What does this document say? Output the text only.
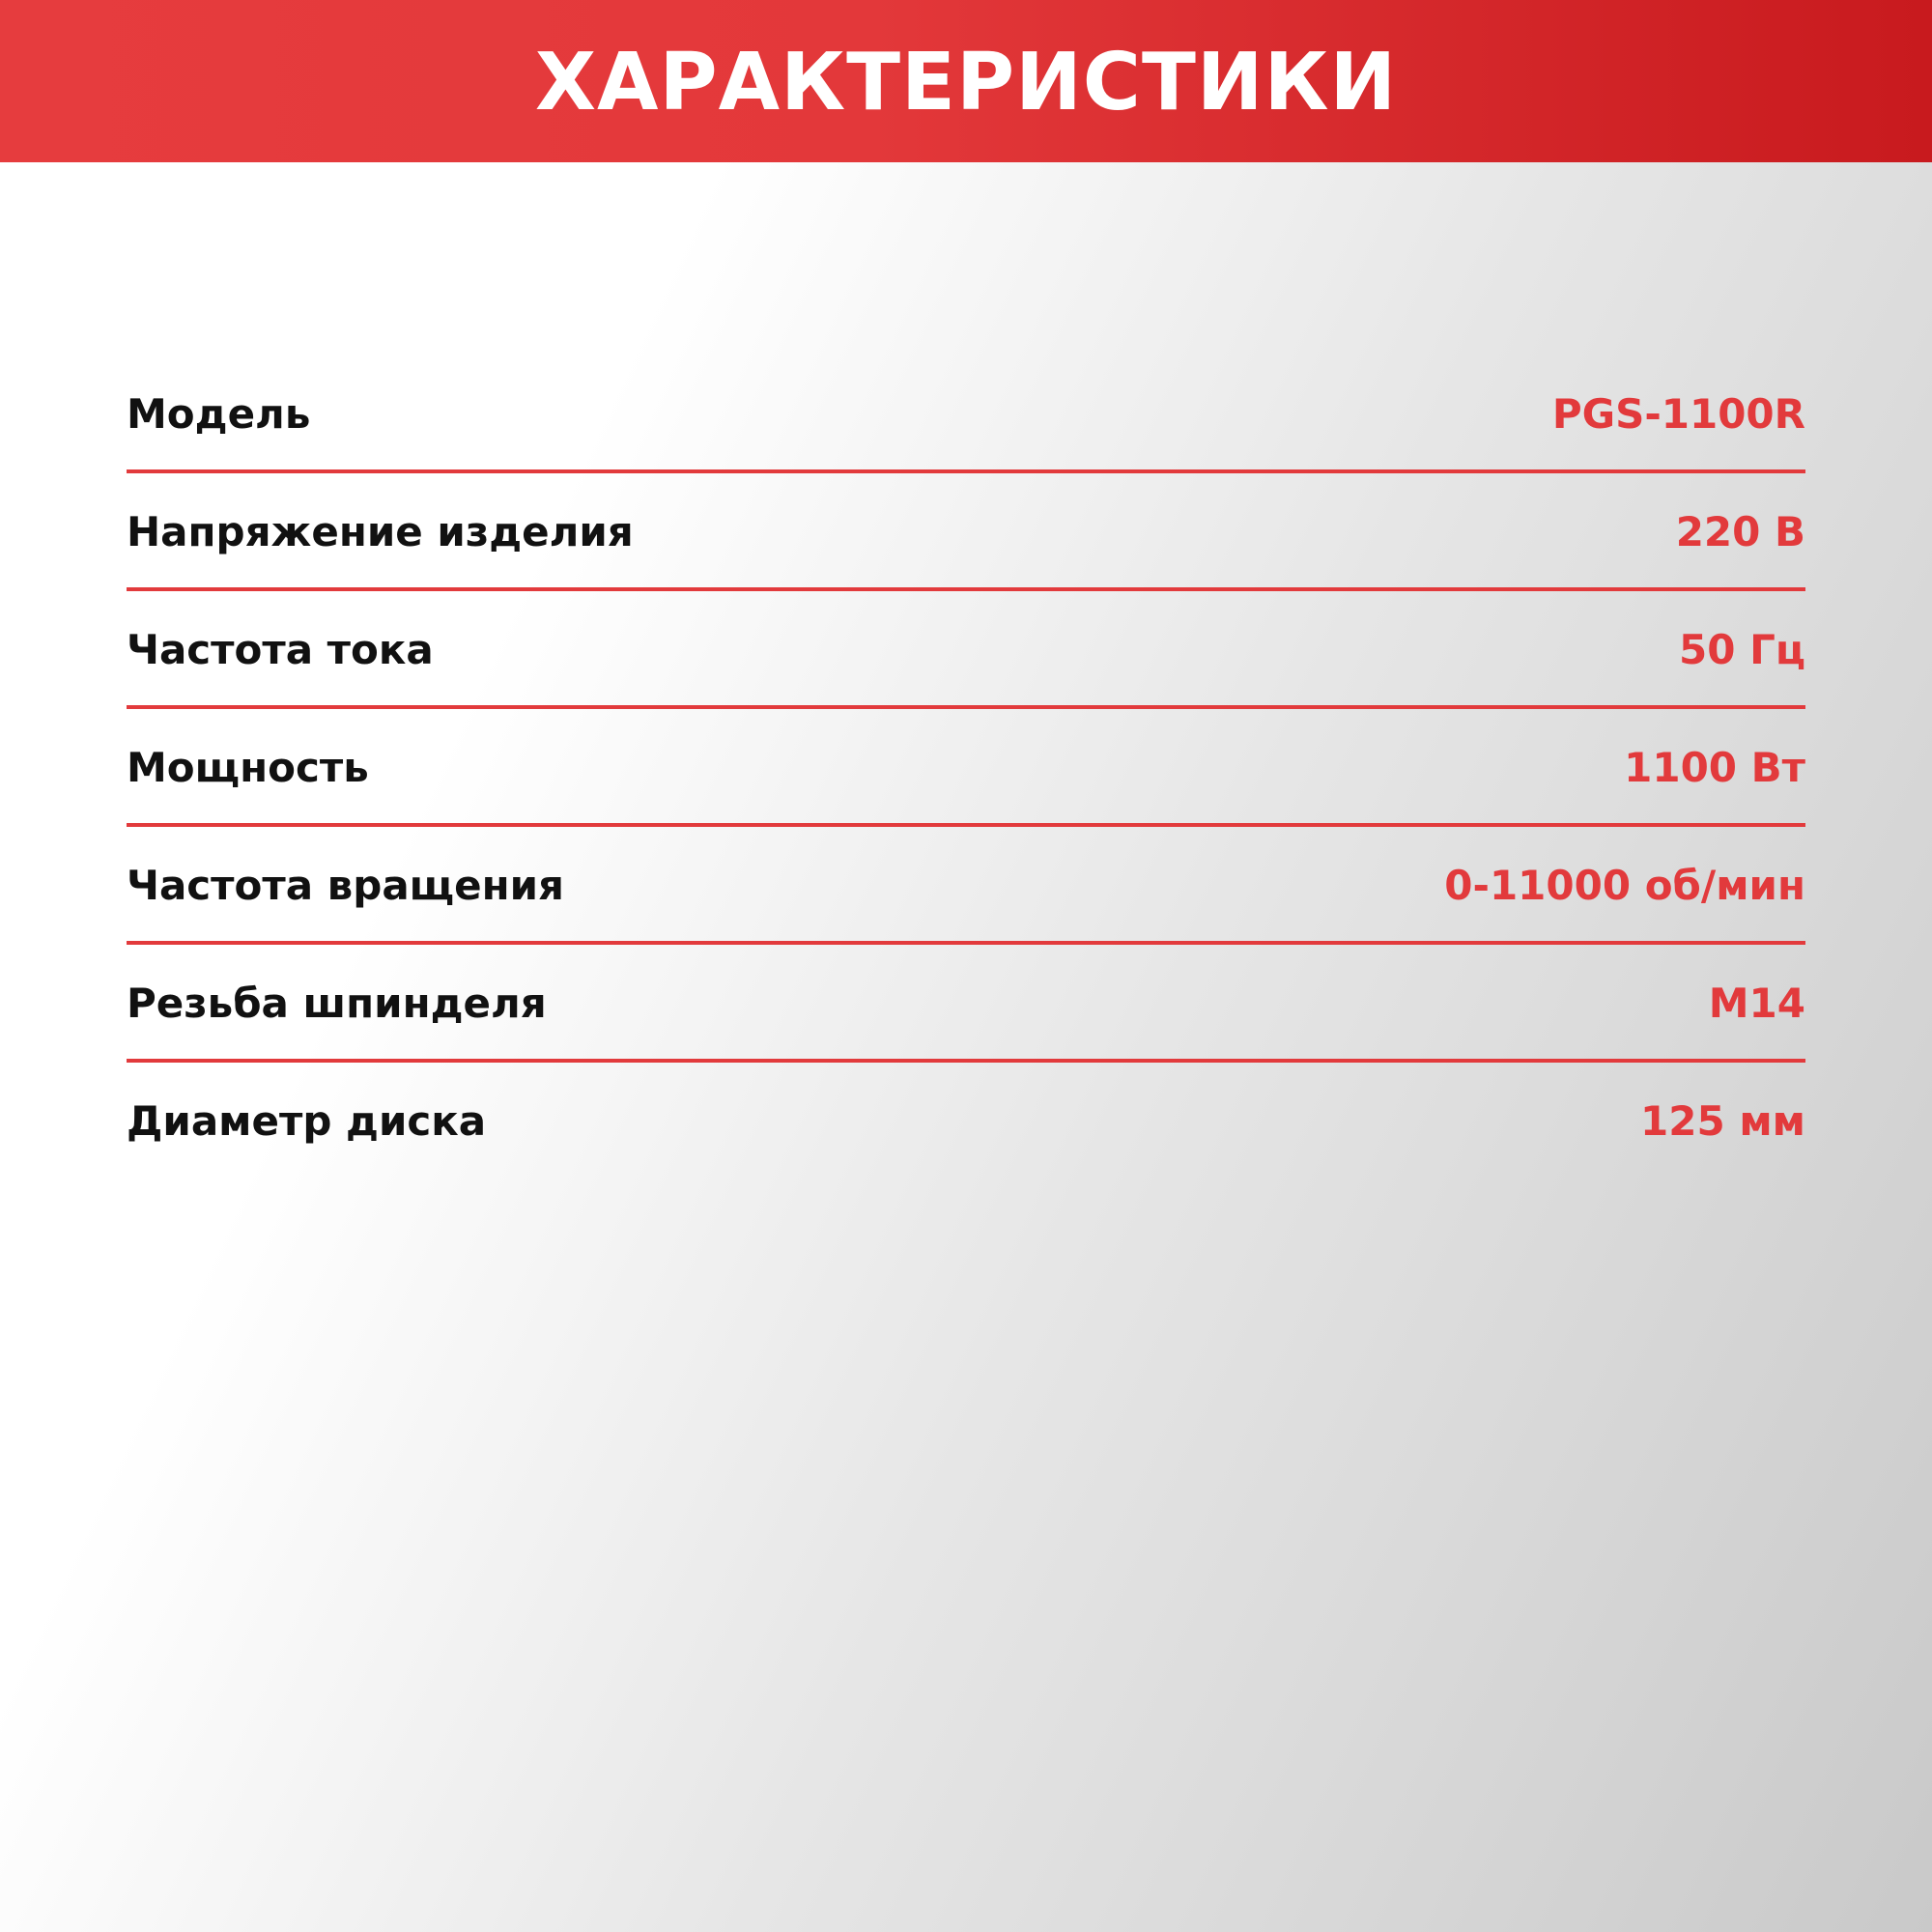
ХАРАКТЕРИСТИКИ
Модель	PGS-1100R
Напряжение изделия	220 В
Частота тока	50 Гц
Мощность	1100 Вт
Частота вращения	0-11000 об/мин
Резьба шпинделя	М14
Диаметр диска	125 мм
